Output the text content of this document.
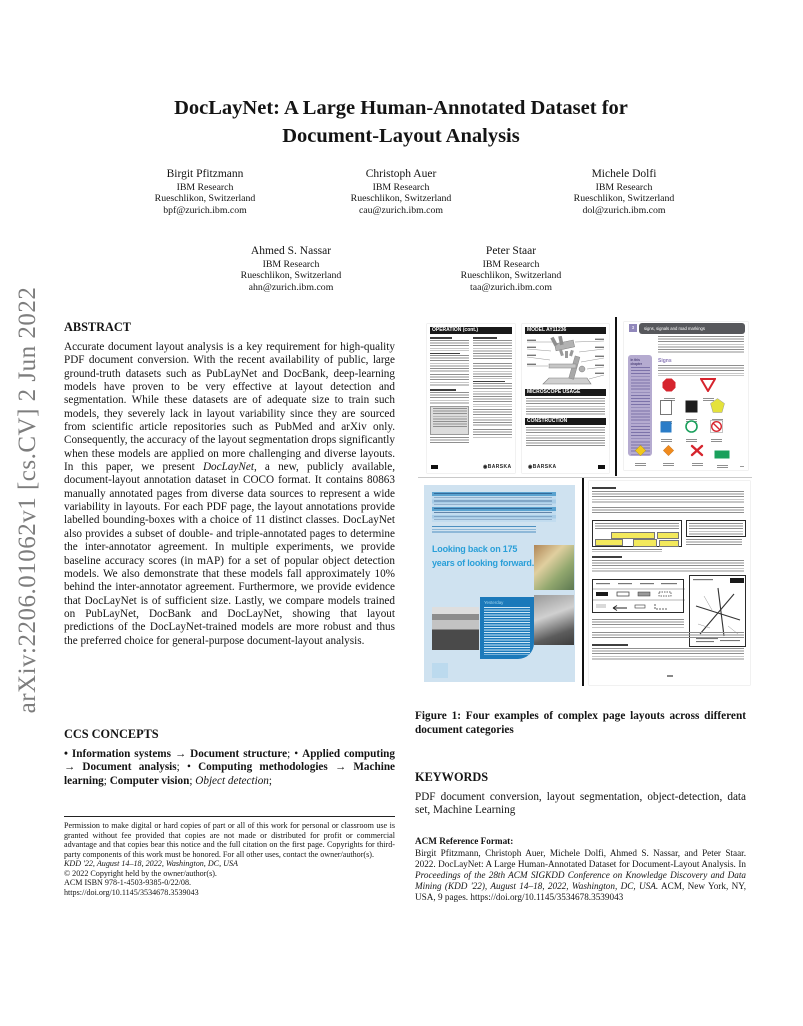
arXiv:2206.01062v1 [cs.CV] 2 Jun 2022
DocLayNet: A Large Human-Annotated Dataset for Document-Layout Analysis
Birgit Pfitzmann
IBM Research
Rueschlikon, Switzerland
bpf@zurich.ibm.com
Christoph Auer
IBM Research
Rueschlikon, Switzerland
cau@zurich.ibm.com
Michele Dolfi
IBM Research
Rueschlikon, Switzerland
dol@zurich.ibm.com
Ahmed S. Nassar
IBM Research
Rueschlikon, Switzerland
ahn@zurich.ibm.com
Peter Staar
IBM Research
Rueschlikon, Switzerland
taa@zurich.ibm.com
ABSTRACT

Accurate document layout analysis is a key requirement for high-quality PDF document conversion. With the recent availability of public, large ground-truth datasets such as PubLayNet and DocBank, deep-learning models have proven to be very effective at layout detection and segmentation. While these datasets are of adequate size to train such models, they severely lack in layout variability since they are sourced from scientific article repositories such as PubMed and arXiv only. Consequently, the accuracy of the layout segmentation drops significantly when these models are applied on more challenging and diverse layouts. In this paper, we present DocLayNet, a new, publicly available, document-layout annotation dataset in COCO format. It contains 80863 manually annotated pages from diverse data sources to represent a wide variability in layouts. For each PDF page, the layout annotations provide labelled bounding-boxes with a choice of 11 distinct classes. DocLayNet also provides a subset of double- and triple-annotated pages to determine the inter-annotator agreement. In multiple experiments, we provide baseline accuracy scores (in mAP) for a set of popular object detection models. We also demonstrate that these models fall approximately 10% behind the inter-annotator agreement. Furthermore, we provide evidence that DocLayNet is of sufficient size. Lastly, we compare models trained on PubLayNet, DocBank and DocLayNet, showing that layout predictions of the DocLayNet-trained models are more robust and thus the preferred choice for general-purpose document-layout analysis.

CCS CONCEPTS

• Information systems → Document structure; • Applied computing → Document analysis; • Computing methodologies → Machine learning; Computer vision; Object detection;

Permission to make digital or hard copies of part or all of this work for personal or classroom use is granted without fee provided that copies are not made or distributed for profit or commercial advantage and that copies bear this notice and the full citation on the first page. Copyrights for third-party components of this work must be honored. For all other uses, contact the owner/author(s).

KDD '22, August 14–18, 2022, Washington, DC, USA

© 2022 Copyright held by the owner/author(s).

ACM ISBN 978-1-4503-9385-0/22/08.

https://doi.org/10.1145/3534678.3539043

OPERATION (cont.)
◉BARSKA
MODEL AY11236
MICROSCOPE USAGE
CONSTRUCTION
◉BARSKA
3	signs, signals and road markings
In this chapter	Signs

Looking back on 175 years of looking forward.

Yesterday

Figure 1: Four examples of complex page layouts across different document categories

KEYWORDS

PDF document conversion, layout segmentation, object-detection, data set, Machine Learning

ACM Reference Format:

Birgit Pfitzmann, Christoph Auer, Michele Dolfi, Ahmed S. Nassar, and Peter Staar. 2022. DocLayNet: A Large Human-Annotated Dataset for Document-Layout Analysis. In Proceedings of the 28th ACM SIGKDD Conference on Knowledge Discovery and Data Mining (KDD '22), August 14–18, 2022, Washington, DC, USA. ACM, New York, NY, USA, 9 pages. https://doi.org/10.1145/3534678.3539043
